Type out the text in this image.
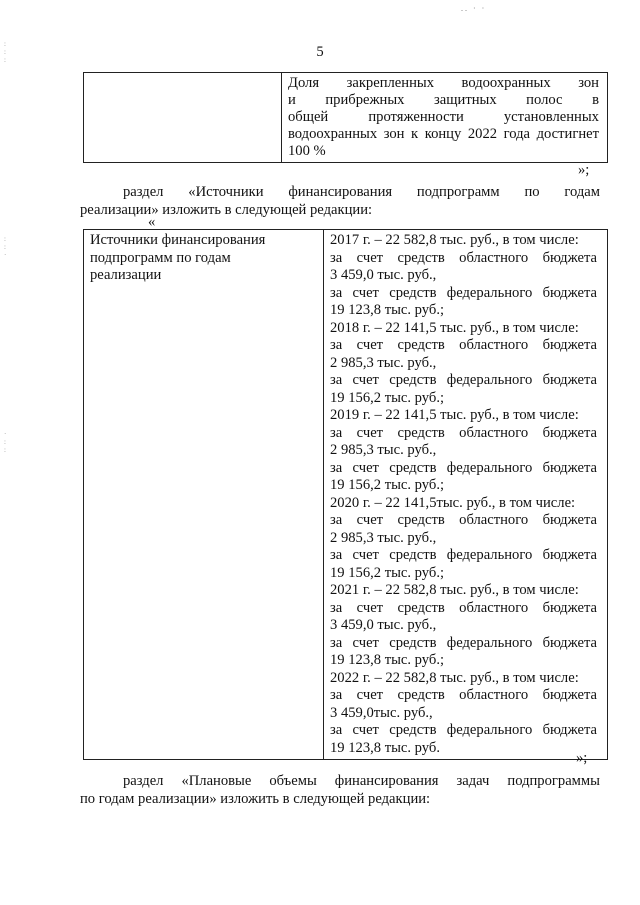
.. · ·
:
:
:
:
:
·
·
:
:
5

Доля закрепленных водоохранных зон
и прибрежных защитных полос в
общей	протяженности	установленных
водоохранных зон к концу 2022 года достигнет
100 %
»;
раздел «Источники финансирования подпрограмм по годам
реализации» изложить в следующей редакции:
«
Источники финансирования
подпрограмм по годам
реализации

2017 г. – 22 582,8 тыс. руб., в том числе:
за счет средств областного бюджета
3 459,0 тыс. руб.,
за счет средств федерального бюджета
19 123,8 тыс. руб.;
2018 г. – 22 141,5 тыс. руб., в том числе:
за счет средств областного бюджета
2 985,3 тыс. руб.,
за счет средств федерального бюджета
19 156,2 тыс. руб.;
2019 г. – 22 141,5 тыс. руб., в том числе:
за счет средств областного бюджета
2 985,3 тыс. руб.,
за счет средств федерального бюджета
19 156,2 тыс. руб.;
2020 г. – 22 141,5тыс. руб., в том числе:
за счет средств областного бюджета
2 985,3 тыс. руб.,
за счет средств федерального бюджета
19 156,2 тыс. руб.;
2021 г. – 22 582,8 тыс. руб., в том числе:
за счет средств областного бюджета
3 459,0 тыс. руб.,
за счет средств федерального бюджета
19 123,8 тыс. руб.;
2022 г. – 22 582,8 тыс. руб., в том числе:
за счет средств областного бюджета
3 459,0тыс. руб.,
за счет средств федерального бюджета
19 123,8 тыс. руб.
»;
раздел «Плановые объемы финансирования задач подпрограммы
по годам реализации» изложить в следующей редакции:
